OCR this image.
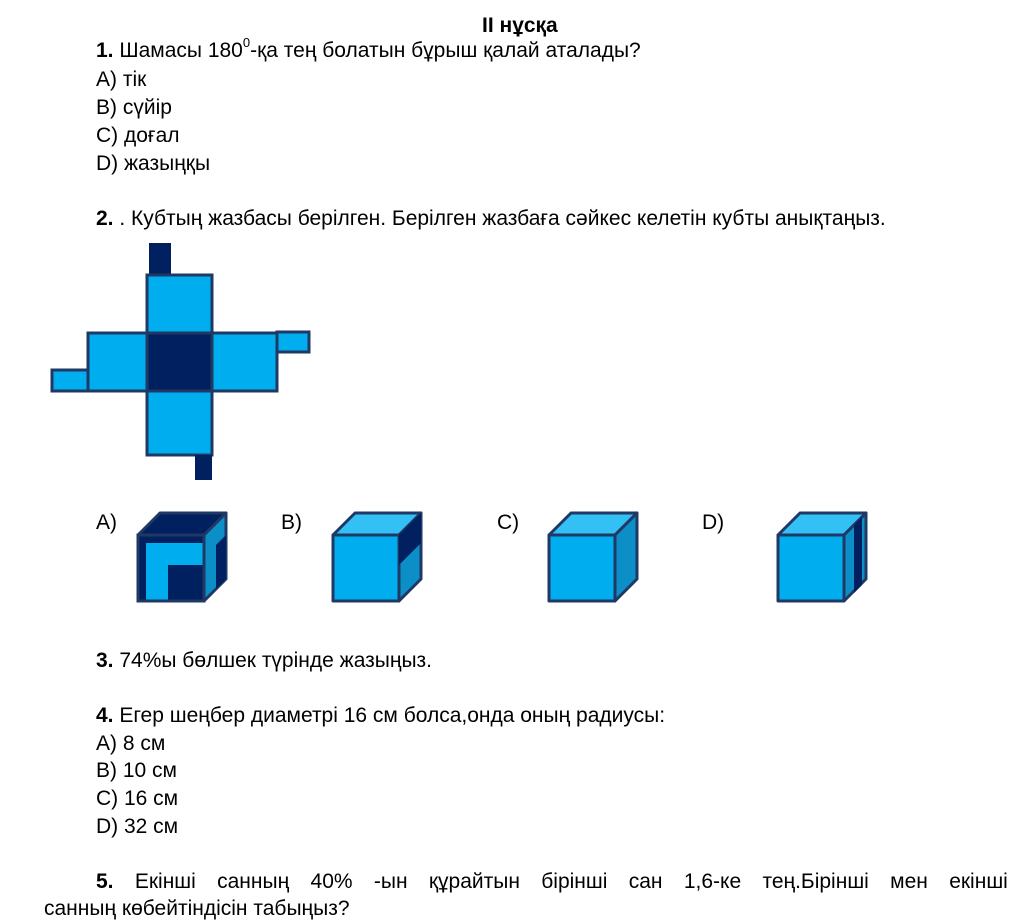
II нұсқа
1. Шамасы $180^0-қа$ тең болатын бұрыш қалай аталады?
A) тік
B) сүйір
C) доғал
D) жазыңқы
2. . Кубтың жазбасы берілген. Берілген жазбаға сәйкес келетін кубты анықтаңыз.
A)	B)	C)	D)
3. 74%ы бөлшек түрінде жазыңыз.
4. Егер шеңбер диаметрі 16 см болса,онда оның радиусы:
A) 8 см
B) 10 см
C) 16 см
D) 32 см
5. Екінші санның 40% -ын құрайтын бірінші сан 1,6-ке тең.Бірінші мен екінші
санның көбейтіндісін табыңыз?
